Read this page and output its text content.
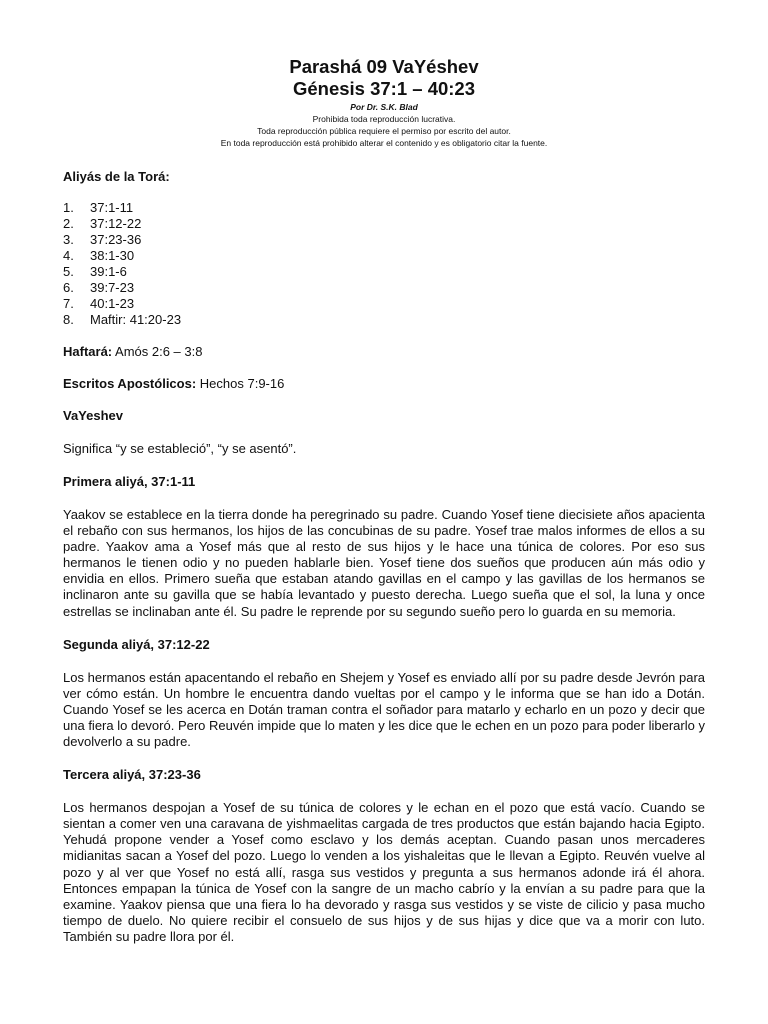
Parashá 09 VaYéshev
Génesis 37:1 – 40:23
Por Dr. S.K. Blad
Prohibida toda reproducción lucrativa.
Toda reproducción pública requiere el permiso por escrito del autor.
En toda reproducción está prohibido alterar el contenido y es obligatorio citar la fuente.
Aliyás de la Torá:
1.	37:1-11
2.	37:12-22
3.	37:23-36
4.	38:1-30
5.	39:1-6
6.	39:7-23
7.	40:1-23
8.	Maftir: 41:20-23
Haftará: Amós 2:6 – 3:8
Escritos Apostólicos: Hechos 7:9-16
VaYeshev
Significa “y se estableció”, “y se asentó”.
Primera aliyá, 37:1-11
Yaakov se establece en la tierra donde ha peregrinado su padre. Cuando Yosef tiene diecisiete años apacienta el rebaño con sus hermanos, los hijos de las concubinas de su padre. Yosef trae malos informes de ellos a su padre. Yaakov ama a Yosef más que al resto de sus hijos y le hace una túnica de colores. Por eso sus hermanos le tienen odio y no pueden hablarle bien. Yosef tiene dos sueños que producen aún más odio y envidia en ellos. Primero sueña que estaban atando gavillas en el campo y las gavillas de los hermanos se inclinaron ante su gavilla que se había levantado y puesto derecha. Luego sueña que el sol, la luna y once estrellas se inclinaban ante él. Su padre le reprende por su segundo sueño pero lo guarda en su memoria.
Segunda aliyá, 37:12-22
Los hermanos están apacentando el rebaño en Shejem y Yosef es enviado allí por su padre desde Jevrón para ver cómo están. Un hombre le encuentra dando vueltas por el campo y le informa que se han ido a Dotán. Cuando Yosef se les acerca en Dotán traman contra el soñador para matarlo y echarlo en un pozo y decir que una fiera lo devoró. Pero Reuvén impide que lo maten y les dice que le echen en un pozo para poder liberarlo y devolverlo a su padre.
Tercera aliyá, 37:23-36
Los hermanos despojan a Yosef de su túnica de colores y le echan en el pozo que está vacío. Cuando se sientan a comer ven una caravana de yishmaelitas cargada de tres productos que están bajando hacia Egipto. Yehudá propone vender a Yosef como esclavo y los demás aceptan. Cuando pasan unos mercaderes midianitas sacan a Yosef del pozo. Luego lo venden a los yishaleitas que le llevan a Egipto. Reuvén vuelve al pozo y al ver que Yosef no está allí, rasga sus vestidos y pregunta a sus hermanos adonde irá él ahora. Entonces empapan la túnica de Yosef con la sangre de un macho cabrío y la envían a su padre para que la examine. Yaakov piensa que una fiera lo ha devorado y rasga sus vestidos y se viste de cilicio y pasa mucho tiempo de duelo. No quiere recibir el consuelo de sus hijos y de sus hijas y dice que va a morir con luto. También su padre llora por él.
